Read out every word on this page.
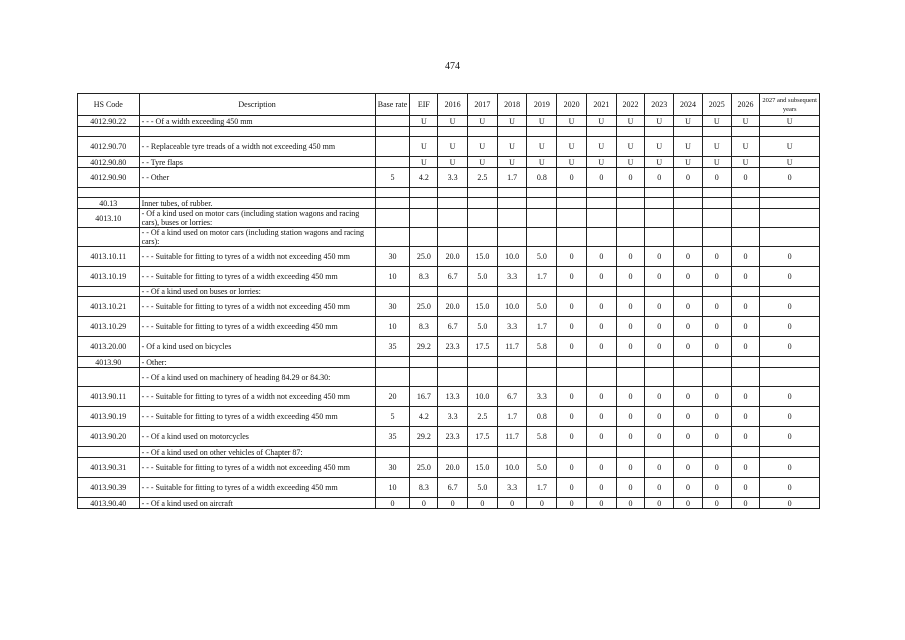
474
HS Code	Description	Base rate	EIF	2016	2017	2018	2019	2020	2021	2022	2023	2024	2025	2026	2027 and subsequent years
4012.90.22	- - - Of a width exceeding 450 mm		U	U	U	U	U	U	U	U	U	U	U	U	U

4012.90.70	- - Replaceable tyre treads of a width not exceeding 450 mm		U	U	U	U	U	U	U	U	U	U	U	U	U
4012.90.80	- - Tyre flaps		U	U	U	U	U	U	U	U	U	U	U	U	U
4012.90.90	- - Other	5	4.2	3.3	2.5	1.7	0.8	0	0	0	0	0	0	0	0

40.13	Inner tubes, of rubber.														
4013.10	- Of a kind used on motor cars (including station wagons and racing cars), buses or lorries:														
	- - Of a kind used on motor cars (including station wagons and racing cars):														
4013.10.11	- - - Suitable for fitting to tyres of a width not exceeding 450 mm	30	25.0	20.0	15.0	10.0	5.0	0	0	0	0	0	0	0	0
4013.10.19	- - - Suitable for fitting to tyres of a width exceeding 450 mm	10	8.3	6.7	5.0	3.3	1.7	0	0	0	0	0	0	0	0
	- - Of a kind used on buses or lorries:														
4013.10.21	- - - Suitable for fitting to tyres of a width not exceeding 450 mm	30	25.0	20.0	15.0	10.0	5.0	0	0	0	0	0	0	0	0
4013.10.29	- - - Suitable for fitting to tyres of a width exceeding 450 mm	10	8.3	6.7	5.0	3.3	1.7	0	0	0	0	0	0	0	0
4013.20.00	- Of a kind used on bicycles	35	29.2	23.3	17.5	11.7	5.8	0	0	0	0	0	0	0	0
4013.90	- Other:														
	- - Of a kind used on machinery of heading 84.29 or 84.30:														
4013.90.11	- - - Suitable for fitting to tyres of a width not exceeding 450 mm	20	16.7	13.3	10.0	6.7	3.3	0	0	0	0	0	0	0	0
4013.90.19	- - - Suitable for fitting to tyres of a width exceeding 450 mm	5	4.2	3.3	2.5	1.7	0.8	0	0	0	0	0	0	0	0
4013.90.20	- - Of a kind used on motorcycles	35	29.2	23.3	17.5	11.7	5.8	0	0	0	0	0	0	0	0
	- - Of a kind used on other vehicles of Chapter 87:														
4013.90.31	- - - Suitable for fitting to tyres of a width not exceeding 450 mm	30	25.0	20.0	15.0	10.0	5.0	0	0	0	0	0	0	0	0
4013.90.39	- - - Suitable for fitting to tyres of a width exceeding 450 mm	10	8.3	6.7	5.0	3.3	1.7	0	0	0	0	0	0	0	0
4013.90.40	- - Of a kind used on aircraft	0	0	0	0	0	0	0	0	0	0	0	0	0	0
